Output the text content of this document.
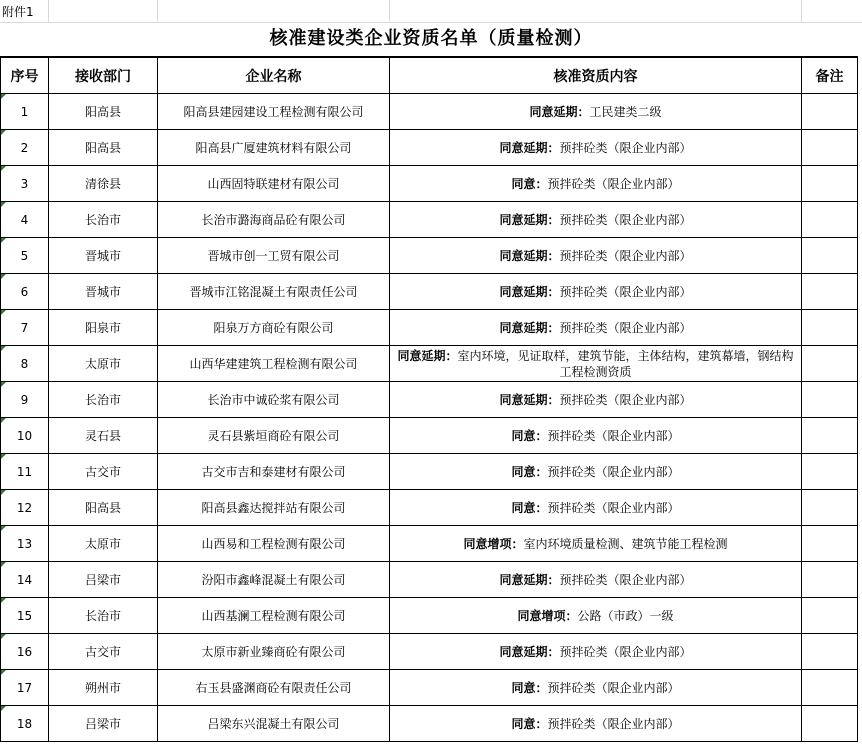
附件1
核准建设类企业资质名单（质量检测）
序号	接收部门	企业名称	核准资质内容	备注
1	阳高县	阳高县建园建设工程检测有限公司	同意延期：工民建类二级	
2	阳高县	阳高县广厦建筑材料有限公司	同意延期：预拌砼类（限企业内部）	
3	清徐县	山西固特联建材有限公司	同意：预拌砼类（限企业内部）	
4	长治市	长治市潞海商品砼有限公司	同意延期：预拌砼类（限企业内部）	
5	晋城市	晋城市创一工贸有限公司	同意延期：预拌砼类（限企业内部）	
6	晋城市	晋城市江铭混凝土有限责任公司	同意延期：预拌砼类（限企业内部）	
7	阳泉市	阳泉万方商砼有限公司	同意延期：预拌砼类（限企业内部）	
8	太原市	山西华建建筑工程检测有限公司	同意延期：室内环境，见证取样，建筑节能，主体结构，建筑幕墙，钢结构工程检测资质	
9	长治市	长治市中诚砼浆有限公司	同意延期：预拌砼类（限企业内部）	
10	灵石县	灵石县紫垣商砼有限公司	同意：预拌砼类（限企业内部）	
11	古交市	古交市吉和泰建材有限公司	同意：预拌砼类（限企业内部）	
12	阳高县	阳高县鑫达搅拌站有限公司	同意：预拌砼类（限企业内部）	
13	太原市	山西易和工程检测有限公司	同意增项：室内环境质量检测、建筑节能工程检测	
14	吕梁市	汾阳市鑫峰混凝土有限公司	同意延期：预拌砼类（限企业内部）	
15	长治市	山西基澜工程检测有限公司	同意增项：公路（市政）一级	
16	古交市	太原市新业臻商砼有限公司	同意延期：预拌砼类（限企业内部）	
17	朔州市	右玉县盛渊商砼有限责任公司	同意：预拌砼类（限企业内部）	
18	吕梁市	吕梁东兴混凝土有限公司	同意：预拌砼类（限企业内部）	
